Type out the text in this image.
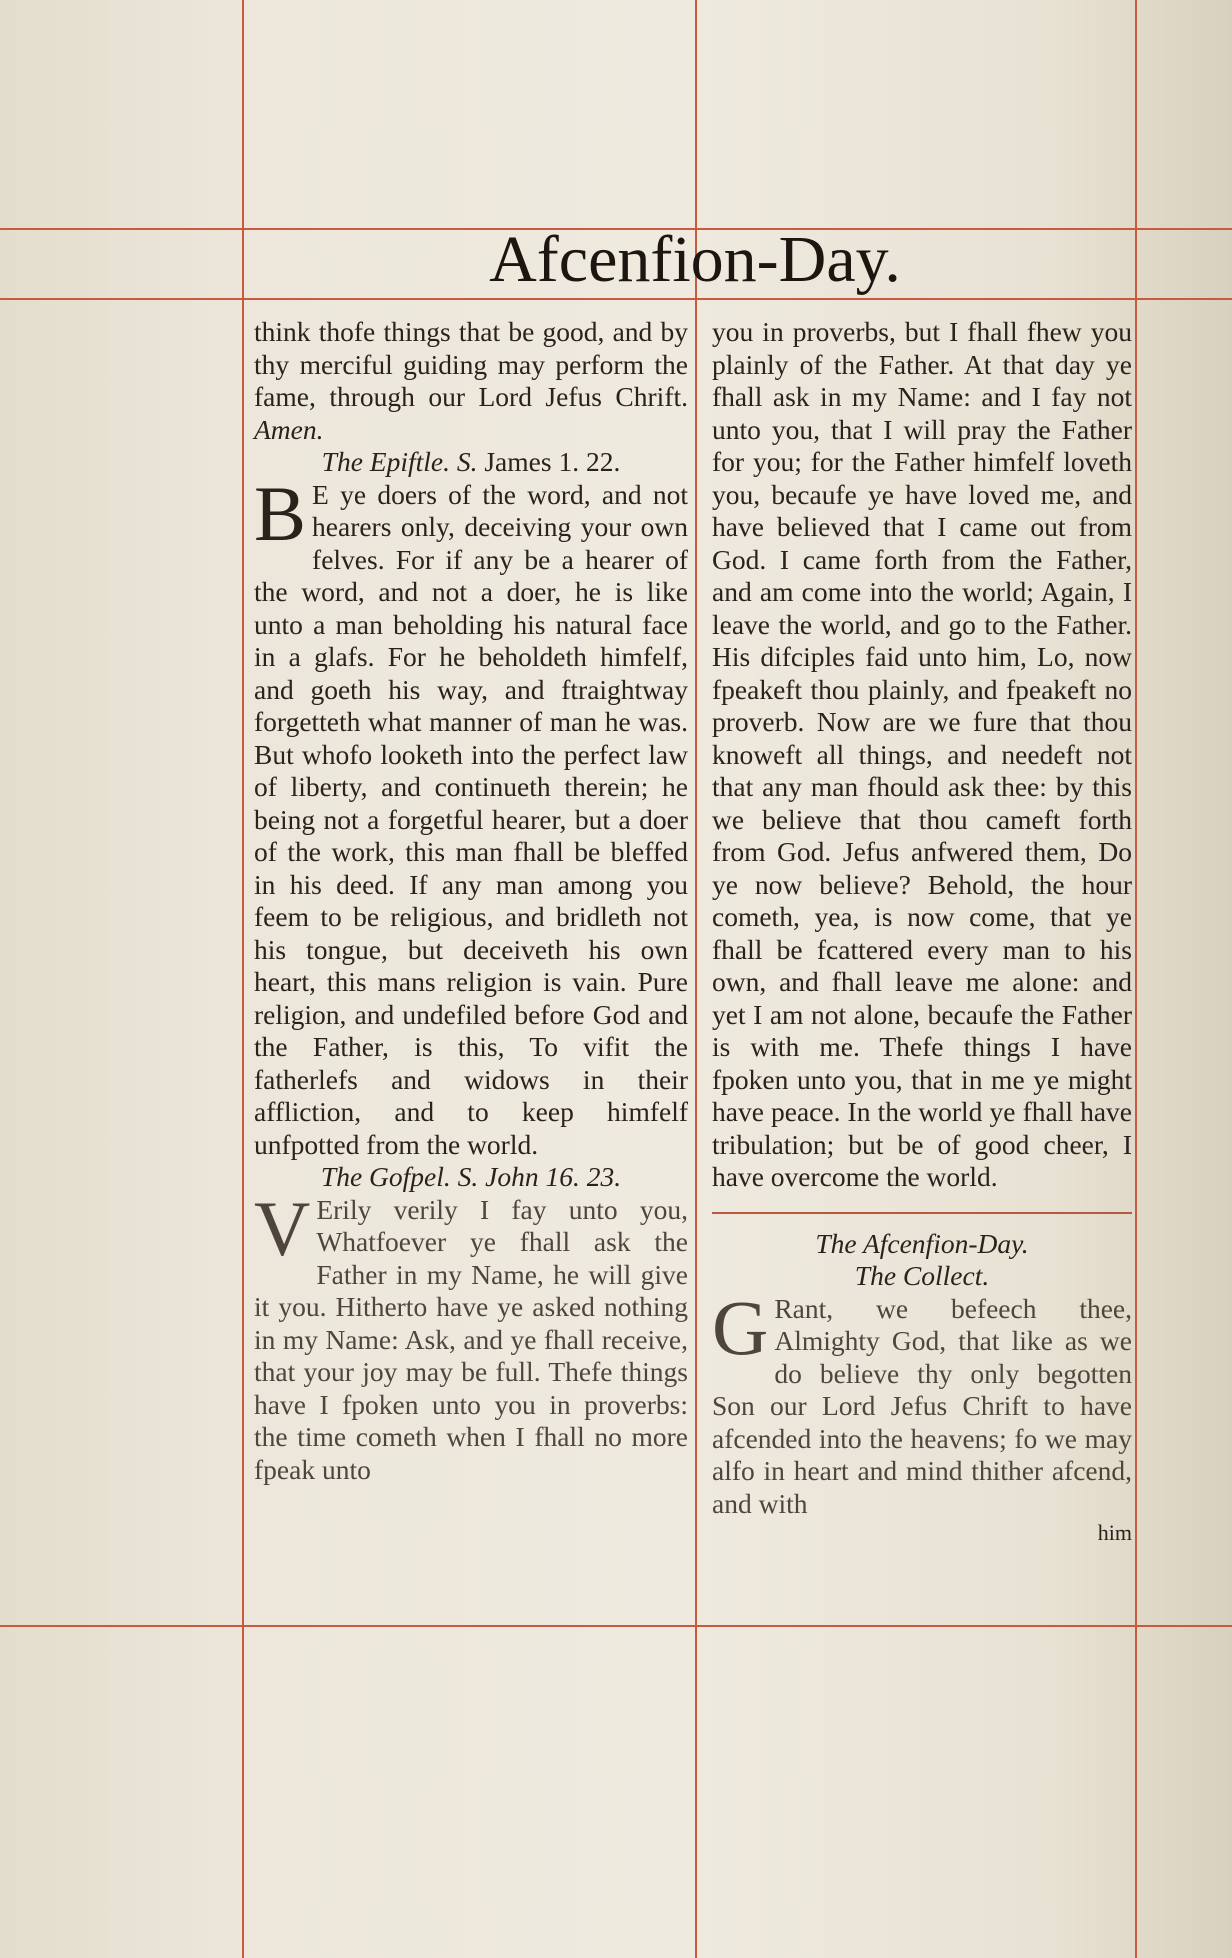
Afcenfion-Day.

think thofe things that be good, and by thy merciful guiding may perform the fame, through our Lord Jefus Chrift. Amen.

The Epiftle. S. James 1. 22.

B E ye doers of the word, and not hearers only, deceiving your own felves. For if any be a hearer of the word, and not a doer, he is like unto a man beholding his natural face in a glafs. For he beholdeth himfelf, and goeth his way, and ftraightway forgetteth what manner of man he was. But whofo looketh into the perfect law of liberty, and continueth therein; he being not a forgetful hearer, but a doer of the work, this man fhall be bleffed in his deed. If any man among you feem to be religious, and bridleth not his tongue, but deceiveth his own heart, this mans religion is vain. Pure religion, and undefiled before God and the Father, is this, To vifit the fatherlefs and widows in their affliction, and to keep himfelf unfpotted from the world.

The Gofpel. S. John 16. 23.

V Erily verily I fay unto you, Whatfoever ye fhall ask the Father in my Name, he will give it you. Hitherto have ye asked nothing in my Name: Ask, and ye fhall receive, that your joy may be full. Thefe things have I fpoken unto you in proverbs: the time cometh when I fhall no more fpeak unto

you in proverbs, but I fhall fhew you plainly of the Father. At that day ye fhall ask in my Name: and I fay not unto you, that I will pray the Father for you; for the Father himfelf loveth you, becaufe ye have loved me, and have believed that I came out from God. I came forth from the Father, and am come into the world; Again, I leave the world, and go to the Father. His difciples faid unto him, Lo, now fpeakeft thou plainly, and fpeakeft no proverb. Now are we fure that thou knoweft all things, and needeft not that any man fhould ask thee: by this we believe that thou cameft forth from God. Jefus anfwered them, Do ye now believe? Behold, the hour cometh, yea, is now come, that ye fhall be fcattered every man to his own, and fhall leave me alone: and yet I am not alone, becaufe the Father is with me. Thefe things I have fpoken unto you, that in me ye might have peace. In the world ye fhall have tribulation; but be of good cheer, I have overcome the world.

The Afcenfion-Day.

The Collect.

G Rant, we befeech thee, Almighty God, that like as we do believe thy only begotten Son our Lord Jefus Chrift to have afcended into the heavens; fo we may alfo in heart and mind thither afcend, and with

him
